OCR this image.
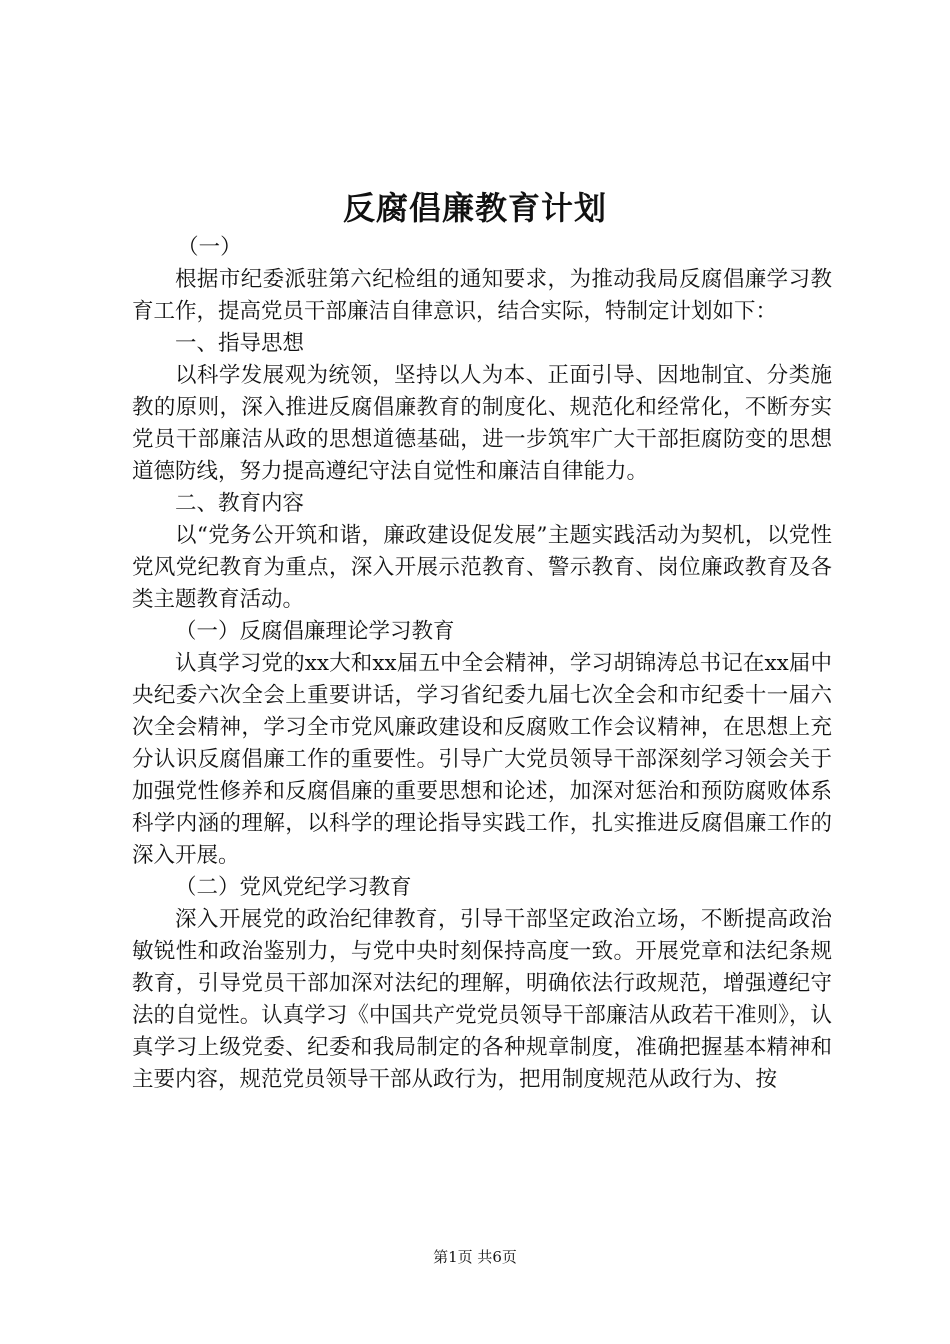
反腐倡廉教育计划

（一）

根据市纪委派驻第六纪检组的通知要求，为推动我局反腐倡廉学习教育工作，提高党员干部廉洁自律意识，结合实际，特制定计划如下：

一、指导思想

以科学发展观为统领，坚持以人为本、正面引导、因地制宜、分类施教的原则，深入推进反腐倡廉教育的制度化、规范化和经常化，不断夯实党员干部廉洁从政的思想道德基础，进一步筑牢广大干部拒腐防变的思想道德防线，努力提高遵纪守法自觉性和廉洁自律能力。

二、教育内容

以“党务公开筑和谐，廉政建设促发展”主题实践活动为契机，以党性党风党纪教育为重点，深入开展示范教育、警示教育、岗位廉政教育及各类主题教育活动。

（一）反腐倡廉理论学习教育

认真学习党的xx大和xx届五中全会精神，学习胡锦涛总书记在xx届中央纪委六次全会上重要讲话，学习省纪委九届七次全会和市纪委十一届六次全会精神，学习全市党风廉政建设和反腐败工作会议精神，在思想上充分认识反腐倡廉工作的重要性。引导广大党员领导干部深刻学习领会关于加强党性修养和反腐倡廉的重要思想和论述，加深对惩治和预防腐败体系科学内涵的理解，以科学的理论指导实践工作，扎实推进反腐倡廉工作的深入开展。

（二）党风党纪学习教育

深入开展党的政治纪律教育，引导干部坚定政治立场，不断提高政治敏锐性和政治鉴别力，与党中央时刻保持高度一致。开展党章和法纪条规教育，引导党员干部加深对法纪的理解，明确依法行政规范，增强遵纪守法的自觉性。认真学习《中国共产党党员领导干部廉洁从政若干准则》，认真学习上级党委、纪委和我局制定的各种规章制度，准确把握基本精神和主要内容，规范党员领导干部从政行为，把用制度规范从政行为、按

第1页 共6页
